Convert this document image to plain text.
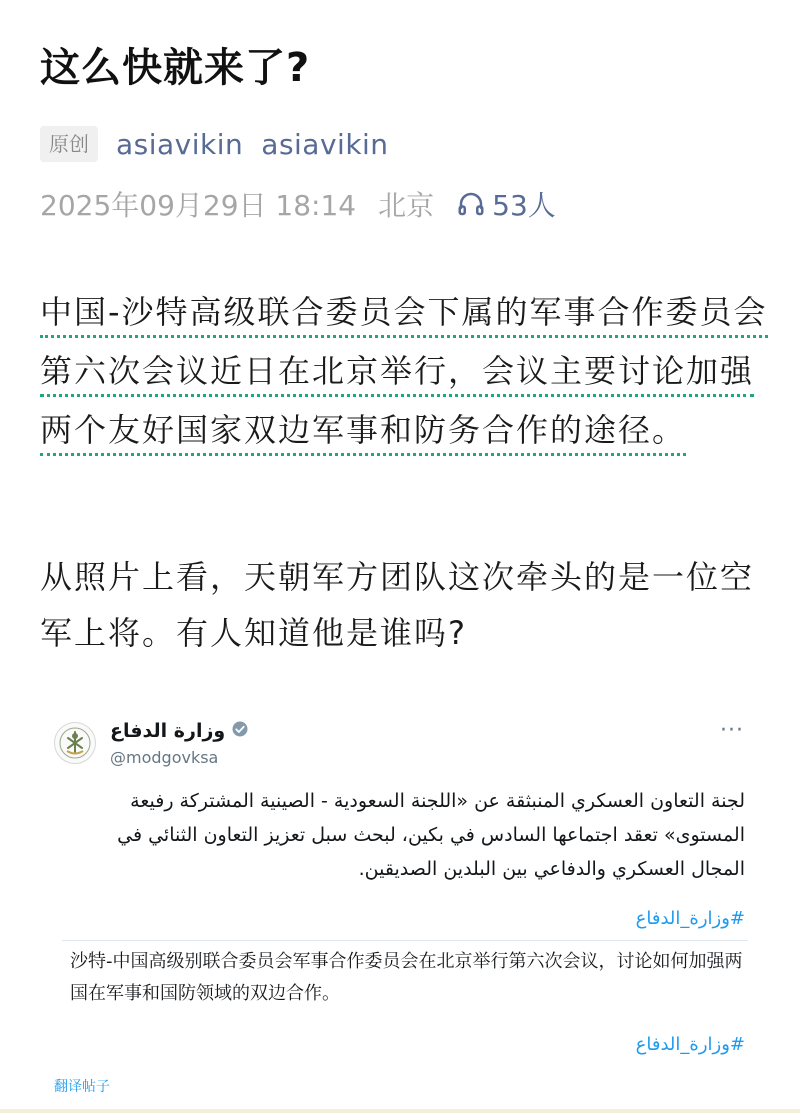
这么快就来了?
原创 asiavikin asiavikin
2025年09月29日 18:14 北京 53人

中国-沙特高级联合委员会下属的军事合作委员会第六次会议近日在北京举行，会议主要讨论加强两个友好国家双边军事和防务合作的途径。

从照片上看，天朝军方团队这次牵头的是一位空军上将。有人知道他是谁吗?

وزارة الدفاع
@modgovksa
···

لجنة التعاون العسكري المنبثقة عن «اللجنة السعودية - الصينية المشتركة رفيعة المستوى» تعقد اجتماعها السادس في بكين، لبحث سبل تعزيز التعاون الثنائي في المجال العسكري والدفاعي بين البلدين الصديقين.

#وزارة_الدفاع

沙特-中国高级别联合委员会军事合作委员会在北京举行第六次会议，讨论如何加强两国在军事和国防领域的双边合作。

#وزارة_الدفاع
翻译帖子
